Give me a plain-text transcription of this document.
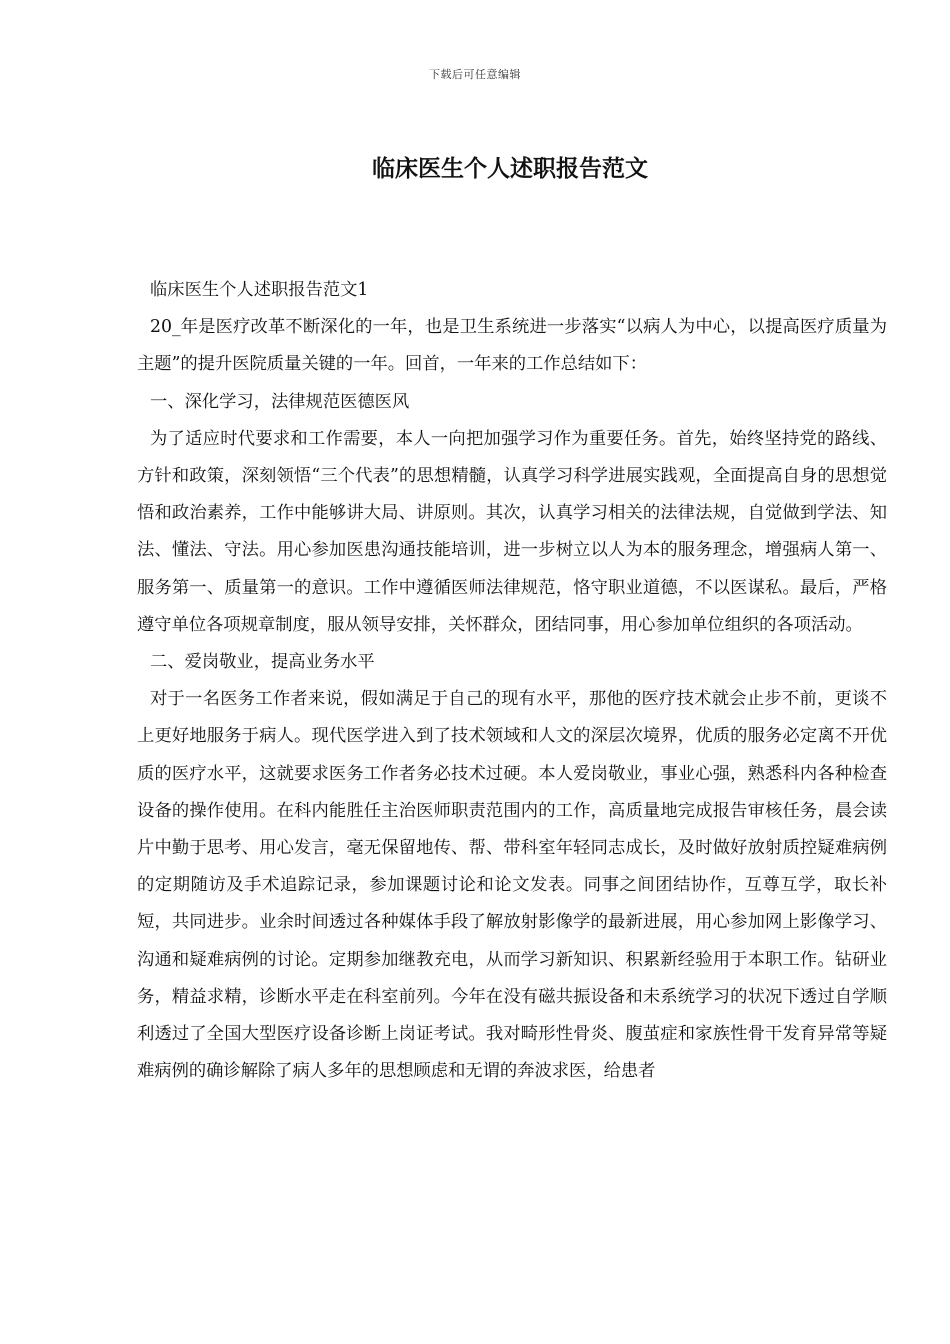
下载后可任意编辑
临床医生个人述职报告范文

临床医生个人述职报告范文1

20_年是医疗改革不断深化的一年，也是卫生系统进一步落实“以病人为中心，以提高医疗质量为主题”的提升医院质量关键的一年。回首，一年来的工作总结如下：

一、深化学习，法律规范医德医风

为了适应时代要求和工作需要，本人一向把加强学习作为重要任务。首先，始终坚持党的路线、方针和政策，深刻领悟“三个代表”的思想精髓，认真学习科学进展实践观，全面提高自身的思想觉悟和政治素养，工作中能够讲大局、讲原则。其次，认真学习相关的法律法规，自觉做到学法、知法、懂法、守法。用心参加医患沟通技能培训，进一步树立以人为本的服务理念，增强病人第一、服务第一、质量第一的意识。工作中遵循医师法律规范，恪守职业道德，不以医谋私。最后，严格遵守单位各项规章制度，服从领导安排，关怀群众，团结同事，用心参加单位组织的各项活动。

二、爱岗敬业，提高业务水平

对于一名医务工作者来说，假如满足于自己的现有水平，那他的医疗技术就会止步不前，更谈不上更好地服务于病人。现代医学进入到了技术领域和人文的深层次境界，优质的服务必定离不开优质的医疗水平，这就要求医务工作者务必技术过硬。本人爱岗敬业，事业心强，熟悉科内各种检查设备的操作使用。在科内能胜任主治医师职责范围内的工作，高质量地完成报告审核任务，晨会读片中勤于思考、用心发言，毫无保留地传、帮、带科室年轻同志成长，及时做好放射质控疑难病例的定期随访及手术追踪记录，参加课题讨论和论文发表。同事之间团结协作，互尊互学，取长补短，共同进步。业余时间透过各种媒体手段了解放射影像学的最新进展，用心参加网上影像学习、沟通和疑难病例的讨论。定期参加继教充电，从而学习新知识、积累新经验用于本职工作。钻研业务，精益求精，诊断水平走在科室前列。今年在没有磁共振设备和未系统学习的状况下透过自学顺利透过了全国大型医疗设备诊断上岗证考试。我对畸形性骨炎、腹茧症和家族性骨干发育异常等疑难病例的确诊解除了病人多年的思想顾虑和无谓的奔波求医，给患者
